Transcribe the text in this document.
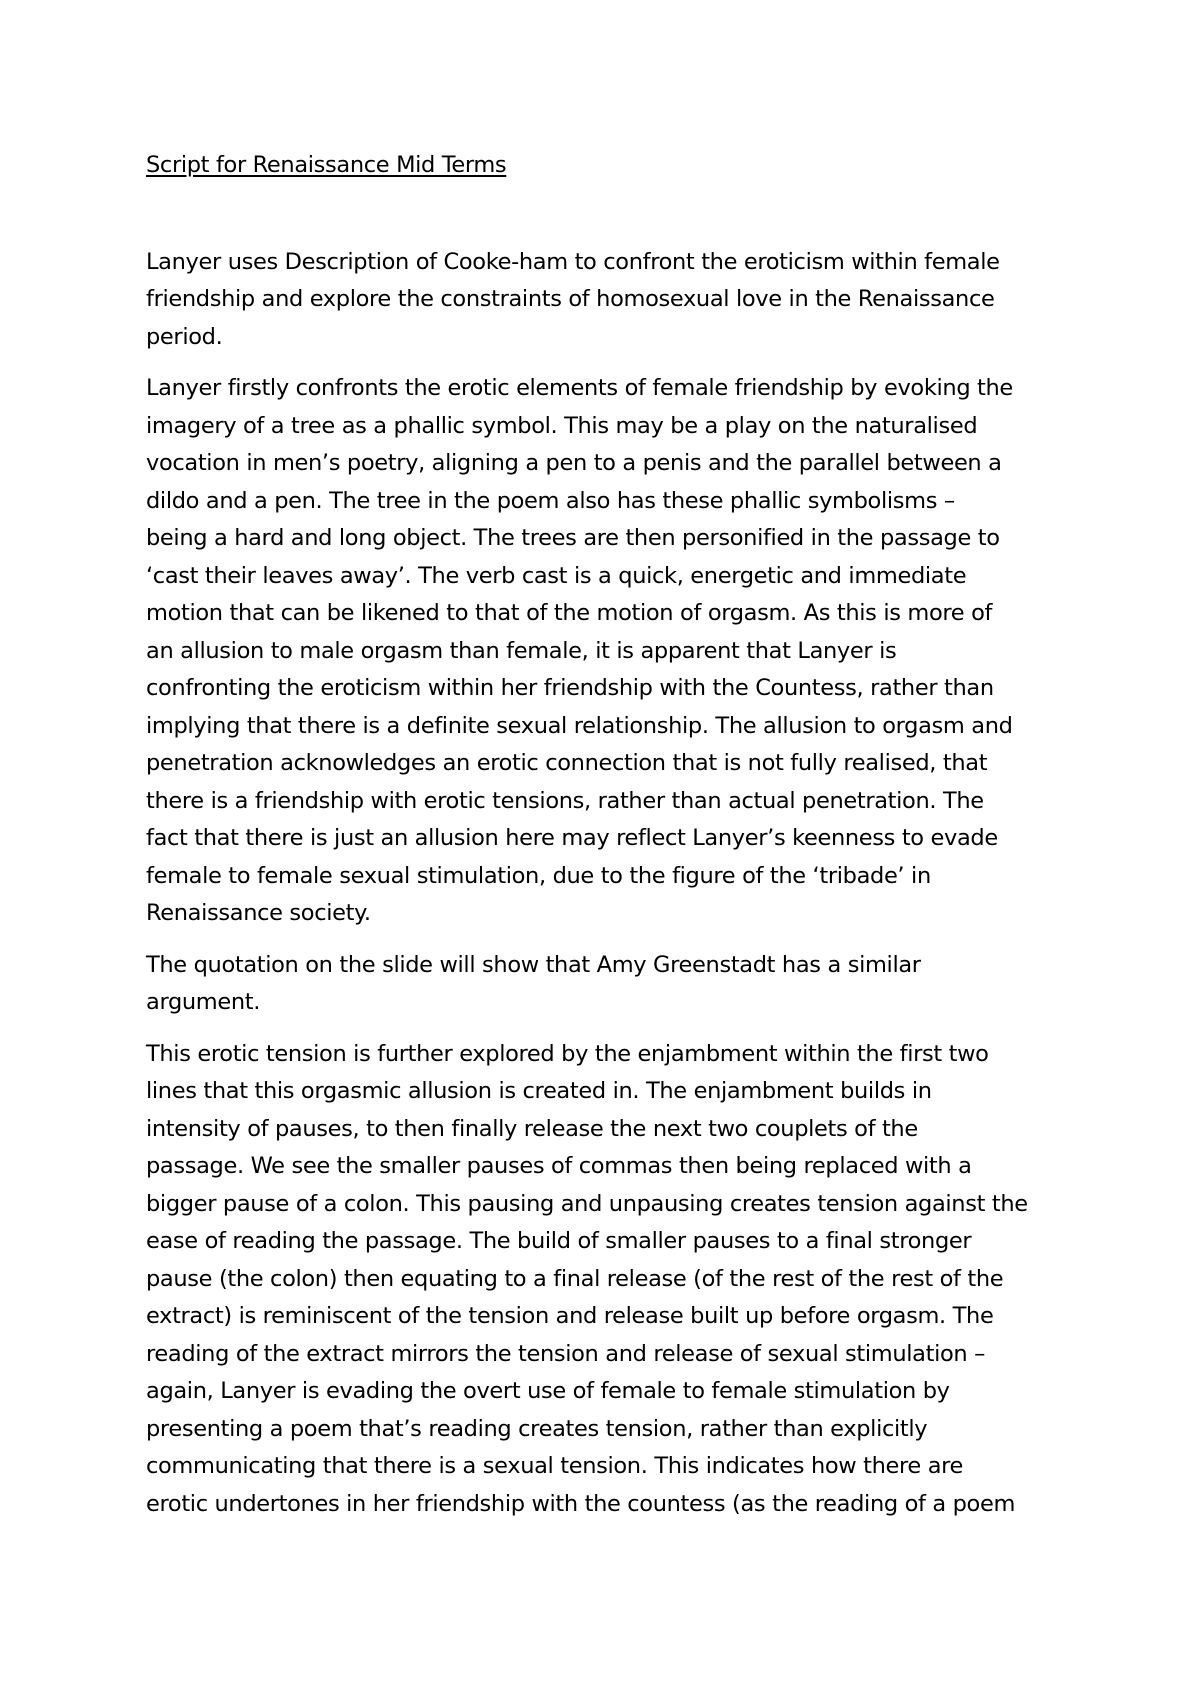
Script for Renaissance Mid Terms
Lanyer uses Description of Cooke-ham to confront the eroticism within female
friendship and explore the constraints of homosexual love in the Renaissance
period.
Lanyer firstly confronts the erotic elements of female friendship by evoking the
imagery of a tree as a phallic symbol. This may be a play on the naturalised
vocation in men’s poetry, aligning a pen to a penis and the parallel between a
dildo and a pen. The tree in the poem also has these phallic symbolisms –
being a hard and long object. The trees are then personified in the passage to
‘cast their leaves away’. The verb cast is a quick, energetic and immediate
motion that can be likened to that of the motion of orgasm. As this is more of
an allusion to male orgasm than female, it is apparent that Lanyer is
confronting the eroticism within her friendship with the Countess, rather than
implying that there is a definite sexual relationship. The allusion to orgasm and
penetration acknowledges an erotic connection that is not fully realised, that
there is a friendship with erotic tensions, rather than actual penetration. The
fact that there is just an allusion here may reflect Lanyer’s keenness to evade
female to female sexual stimulation, due to the figure of the ‘tribade’ in
Renaissance society.
The quotation on the slide will show that Amy Greenstadt has a similar
argument.
This erotic tension is further explored by the enjambment within the first two
lines that this orgasmic allusion is created in. The enjambment builds in
intensity of pauses, to then finally release the next two couplets of the
passage. We see the smaller pauses of commas then being replaced with a
bigger pause of a colon. This pausing and unpausing creates tension against the
ease of reading the passage. The build of smaller pauses to a final stronger
pause (the colon) then equating to a final release (of the rest of the rest of the
extract) is reminiscent of the tension and release built up before orgasm. The
reading of the extract mirrors the tension and release of sexual stimulation –
again, Lanyer is evading the overt use of female to female stimulation by
presenting a poem that’s reading creates tension, rather than explicitly
communicating that there is a sexual tension. This indicates how there are
erotic undertones in her friendship with the countess (as the reading of a poem
